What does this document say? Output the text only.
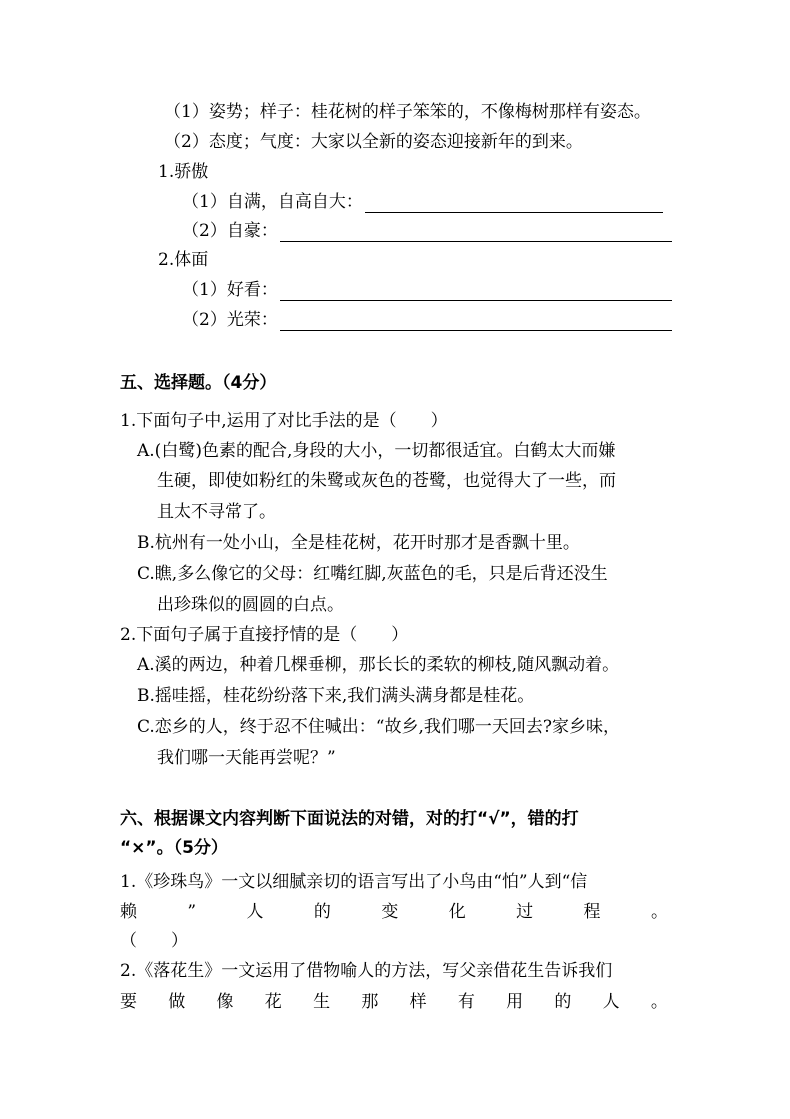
（1）姿势；样子：桂花树的样子笨笨的，不像梅树那样有姿态。
（2）态度；气度：大家以全新的姿态迎接新年的到来。
1.骄傲
（1）自满，自高自大：
（2）自豪：
2.体面
（1）好看：
（2）光荣：
五、选择题。（4分）
1.下面句子中,运用了对比手法的是（　　）
A.(白鹭)色素的配合,身段的大小，一切都很适宜。白鹤太大而嫌
生硬，即使如粉红的朱鹭或灰色的苍鹭，也觉得大了一些，而
且太不寻常了。
B.杭州有一处小山，全是桂花树，花开时那才是香飘十里。
C.瞧,多么像它的父母：红嘴红脚,灰蓝色的毛，只是后背还没生
出珍珠似的圆圆的白点。
2.下面句子属于直接抒情的是（　　）
A.溪的两边，种着几棵垂柳，那长长的柔软的柳枝,随风飘动着。
B.摇哇摇，桂花纷纷落下来,我们满头满身都是桂花。
C.恋乡的人，终于忍不住喊出：“故乡,我们哪一天回去?家乡味，
我们哪一天能再尝呢？”
六、根据课文内容判断下面说法的对错，对的打“√”，错的打
“×”。（5分）
1.《珍珠鸟》一文以细腻亲切的语言写出了小鸟由“怕”人到“信
赖	”	人	的	变	化	过	程	。
（　　）
2.《落花生》一文运用了借物喻人的方法，写父亲借花生告诉我们
要 做 像 花 生 那 样 有 用 的 人 。
